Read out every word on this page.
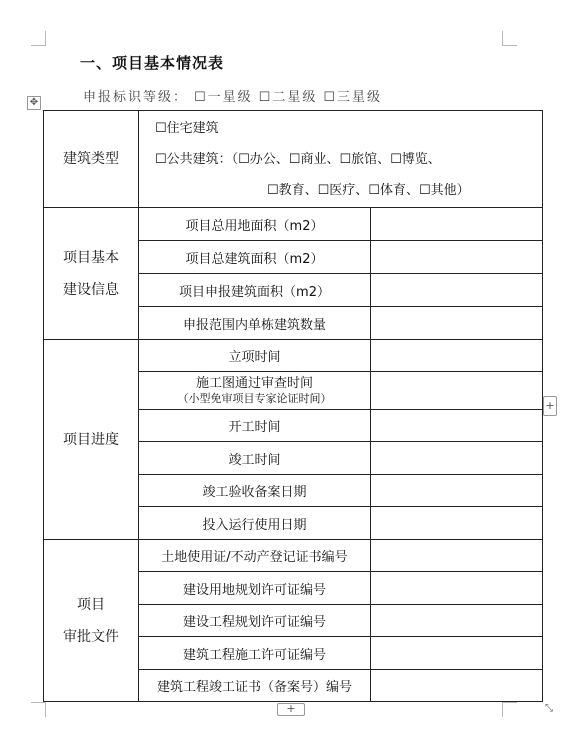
一、项目基本情况表
申报标识等级： ☐一星级 ☐二星级 ☐三星级
✥
建筑类型	☐住宅建筑
☐公共建筑：（☐办公、☐商业、☐旅馆、☐博览、
☐教育、☐医疗、☐体育、☐其他）	

项目基本
建设信息	项目总用地面积（m2）	
	项目总建筑面积（m2）	
	项目申报建筑面积（m2）	
	申报范围内单栋建筑数量	
项目进度	立项时间	

	施工图通过审查时间
（小型免审项目专家论证时间）	

	开工时间	
	竣工时间	
	竣工验收备案日期	
	投入运行使用日期	

项目
审批文件	土地使用证/不动产登记证书编号	
	建设用地规划许可证编号	
	建设工程规划许可证编号	
	建筑工程施工许可证编号	
	建筑工程竣工证书（备案号）编号	
+
+	⤡
